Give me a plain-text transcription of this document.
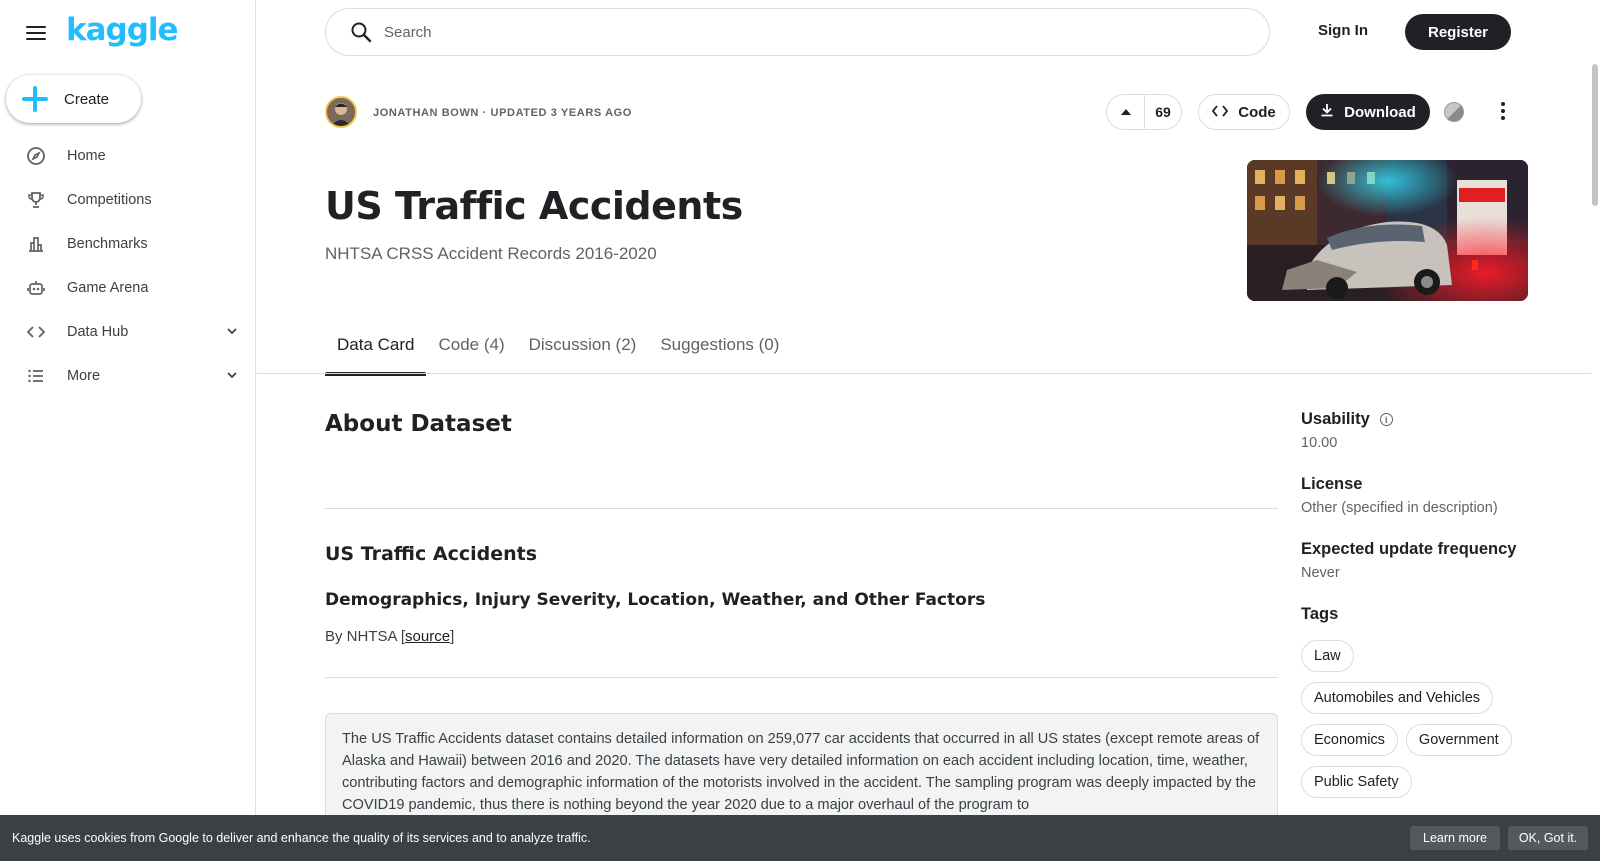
kaggle
Create
Home
Competitions
Benchmarks
Game Arena
Data Hub
More
Search
Sign In	Register
JONATHAN BOWN · UPDATED 3 YEARS AGO	69	Code	Download
US Traffic Accidents
NHTSA CRSS Accident Records 2016-2020
Data Card	Code (4)	Discussion (2)	Suggestions (0)
About Dataset
US Traffic Accidents
Demographics, Injury Severity, Location, Weather, and Other Factors
By NHTSA [source]
The US Traffic Accidents dataset contains detailed information on 259,077 car accidents that occurred in all US states (except remote areas of Alaska and Hawaii) between 2016 and 2020. The datasets have very detailed information on each accident including location, time, weather, contributing factors and demographic information of the motorists involved in the accident. The sampling program was deeply impacted by the COVID19 pandemic, thus there is nothing beyond the year 2020 due to a major overhaul of the program to
Usability	i
10.00
License
Other (specified in description)
Expected update frequency
Never
Tags
Law
Automobiles and Vehicles
Economics	Government
Public Safety
Kaggle uses cookies from Google to deliver and enhance the quality of its services and to analyze traffic.	Learn more	OK, Got it.
